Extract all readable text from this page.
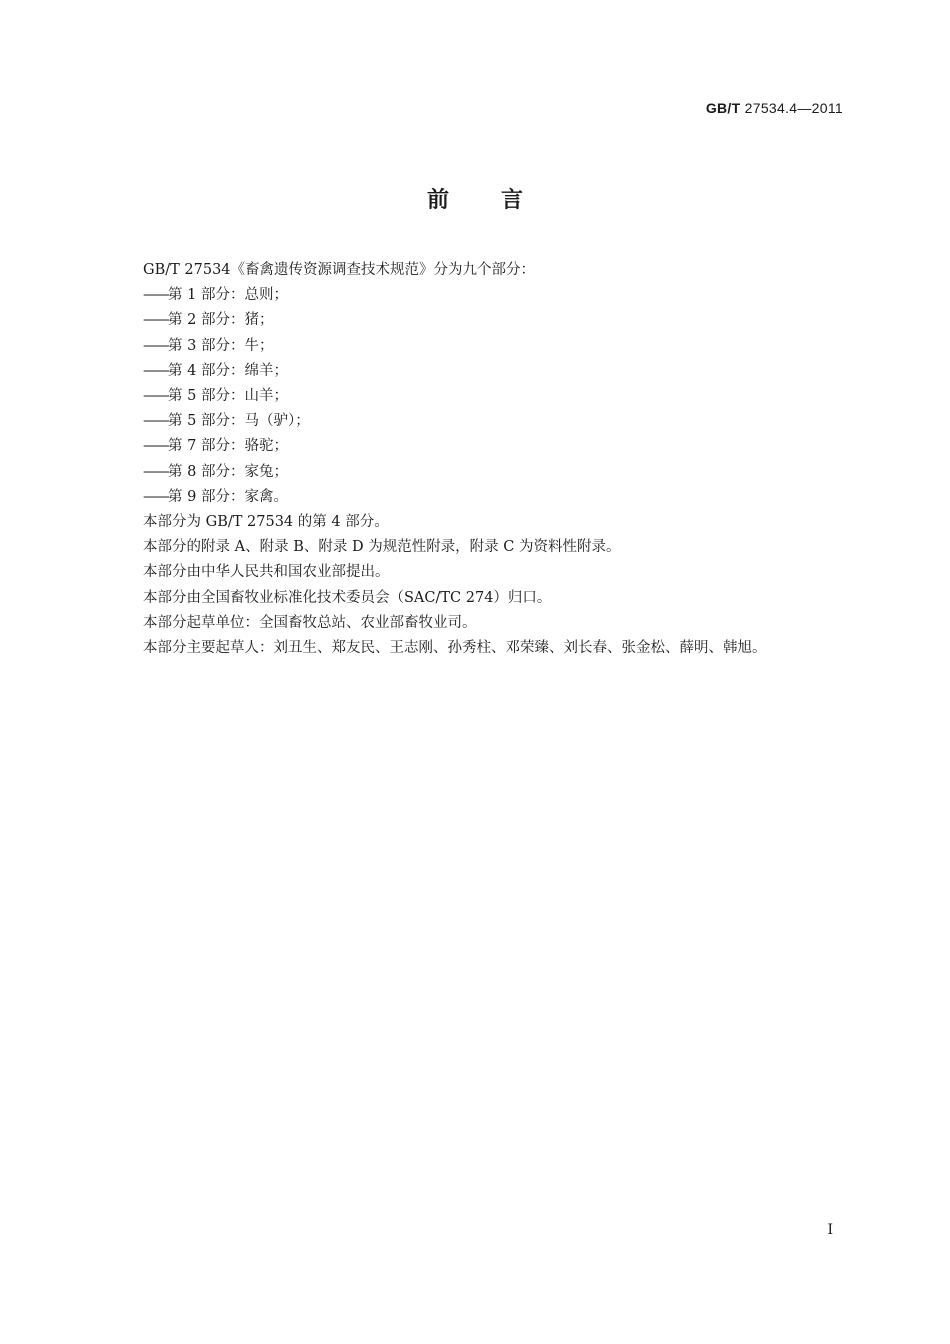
GB/T 27534.4—2011
前言
GB/T 27534《畜禽遗传资源调查技术规范》分为九个部分：
——第 1 部分：总则；
——第 2 部分：猪；
——第 3 部分：牛；
——第 4 部分：绵羊；
——第 5 部分：山羊；
——第 5 部分：马（驴）；
——第 7 部分：骆驼；
——第 8 部分：家兔；
——第 9 部分：家禽。
本部分为 GB/T 27534 的第 4 部分。
本部分的附录 A、附录 B、附录 D 为规范性附录，附录 C 为资料性附录。
本部分由中华人民共和国农业部提出。
本部分由全国畜牧业标准化技术委员会（SAC/TC 274）归口。
本部分起草单位：全国畜牧总站、农业部畜牧业司。
本部分主要起草人：刘丑生、郑友民、王志刚、孙秀柱、邓荣臻、刘长春、张金松、薛明、韩旭。
I
